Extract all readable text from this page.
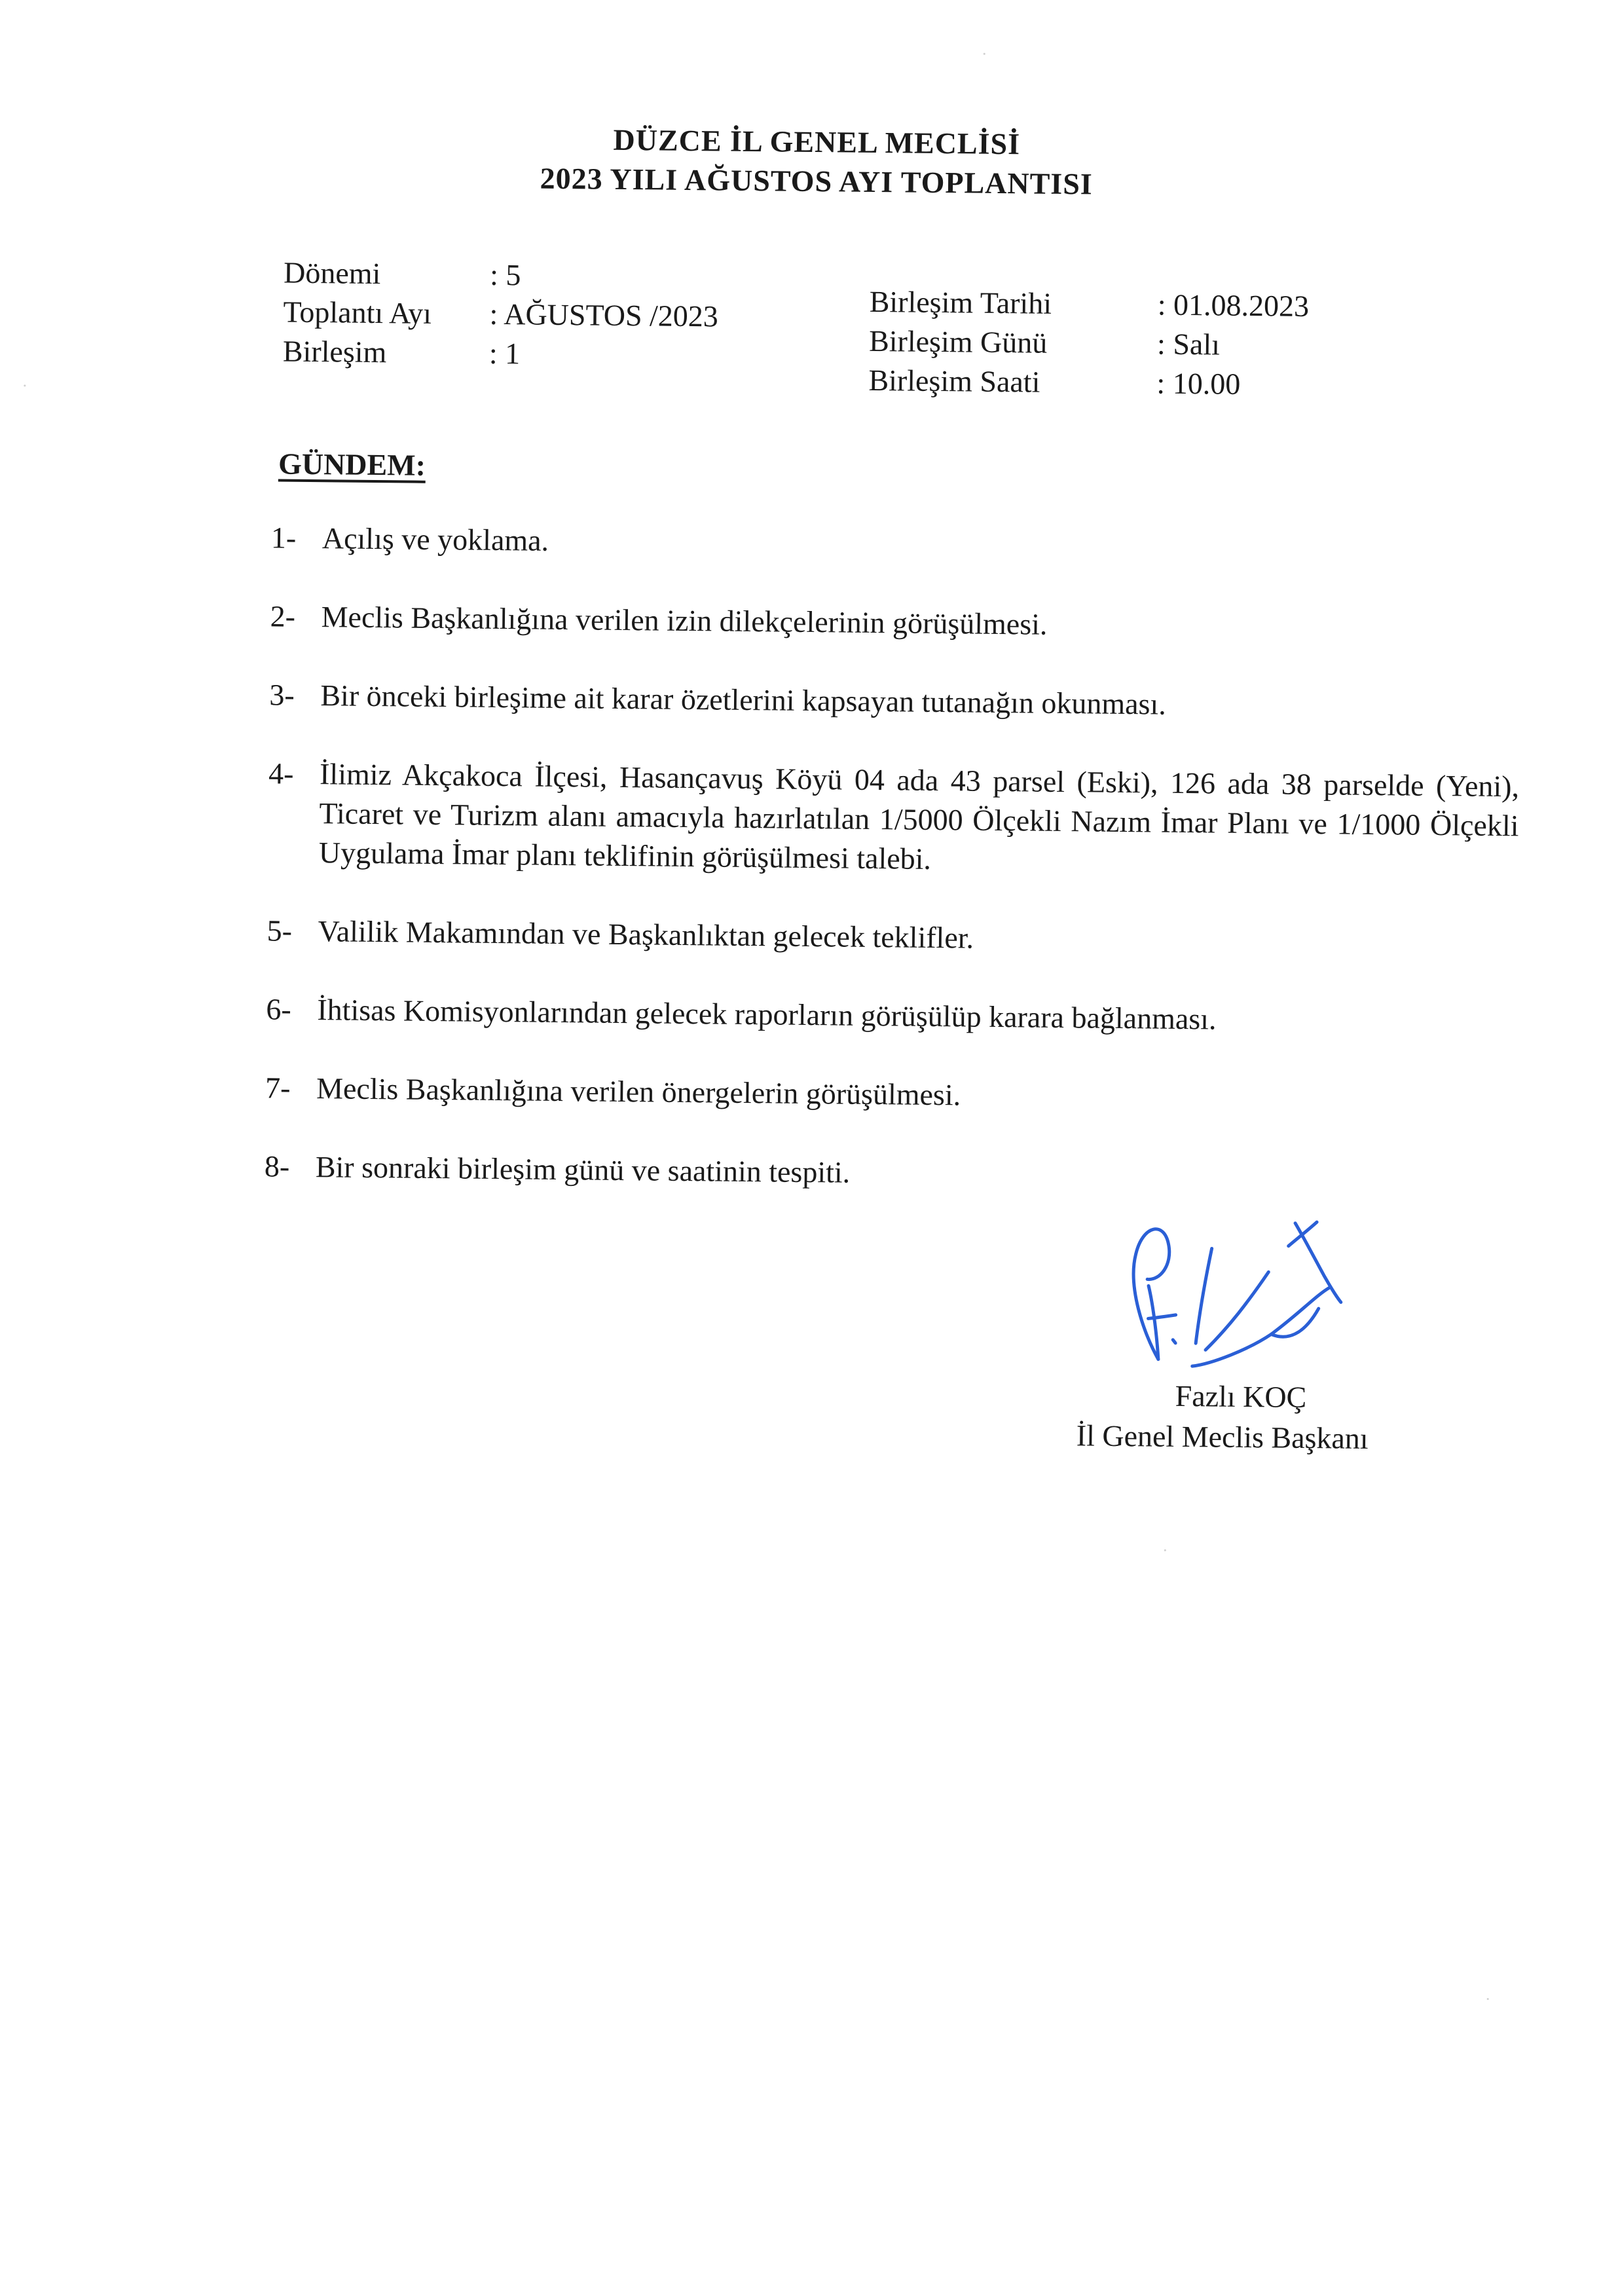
DÜZCE İL GENEL MECLİSİ
2023 YILI AĞUSTOS AYI TOPLANTISI
Dönemi	: 5
Toplantı Ayı : AĞUSTOS /2023
Birleşim	: 1
Birleşim Tarihi	: 01.08.2023
Birleşim Günü	: Salı
Birleşim Saati	: 10.00
GÜNDEM:
1- Açılış ve yoklama.
2- Meclis Başkanlığına verilen izin dilekçelerinin görüşülmesi.
3- Bir önceki birleşime ait karar özetlerini kapsayan tutanağın okunması.
4- İlimiz Akçakoca İlçesi, Hasançavuş Köyü 04 ada 43 parsel (Eski), 126 ada 38 parselde (Yeni), Ticaret ve Turizm alanı amacıyla hazırlatılan 1/5000 Ölçekli Nazım İmar Planı ve 1/1000 Ölçekli Uygulama İmar planı teklifinin görüşülmesi talebi.
5- Valilik Makamından ve Başkanlıktan gelecek teklifler.
6- İhtisas Komisyonlarından gelecek raporların görüşülüp karara bağlanması.
7- Meclis Başkanlığına verilen önergelerin görüşülmesi.
8- Bir sonraki birleşim günü ve saatinin tespiti.
Fazlı KOÇ
İl Genel Meclis Başkanı
